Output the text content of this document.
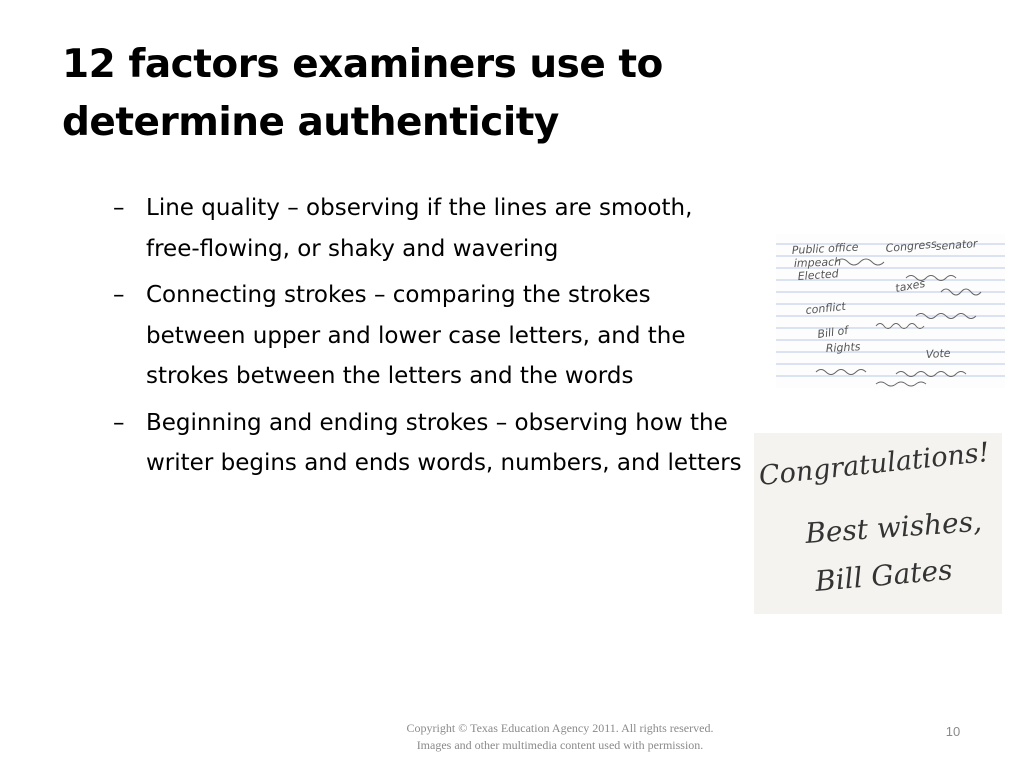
12 factors examiners use to
determine authenticity
– Line quality – observing if the lines are smooth, free-flowing, or shaky and wavering
– Connecting strokes – comparing the strokes between upper and lower case letters, and the strokes between the letters and the words
– Beginning and ending strokes – observing how the writer begins and ends words, numbers, and letters
Public office
impeach
Elected
conflict
Bill of
Rights
Congress
senator
taxes
Vote
Congratulations!
Best wishes,
Bill Gates
Copyright © Texas Education Agency 2011. All rights reserved.
Images and other multimedia content used with permission.
10
